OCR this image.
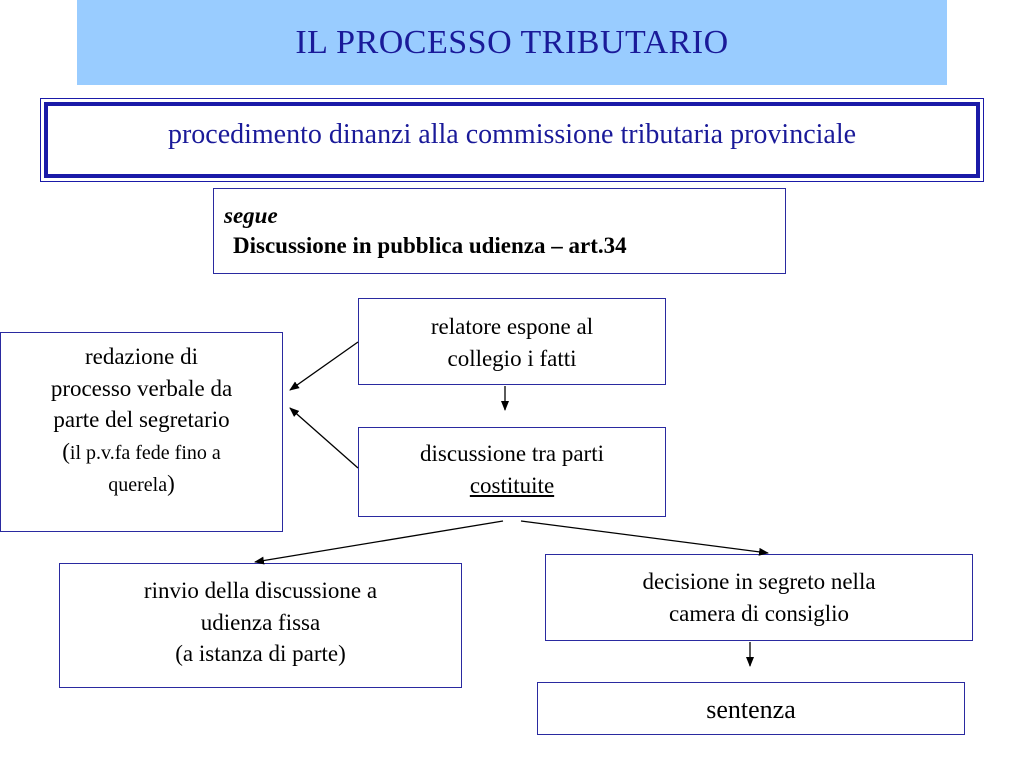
IL PROCESSO TRIBUTARIO
procedimento dinanzi alla commissione tributaria provinciale
segue
Discussione in pubblica udienza – art.34
relatore espone al
collegio i fatti
redazione di
processo verbale da
parte del segretario
(il p.v.fa fede fino a
querela)
discussione tra parti
costituite
rinvio della discussione a
udienza fissa
(a istanza di parte)
decisione in segreto nella
camera di consiglio
sentenza
